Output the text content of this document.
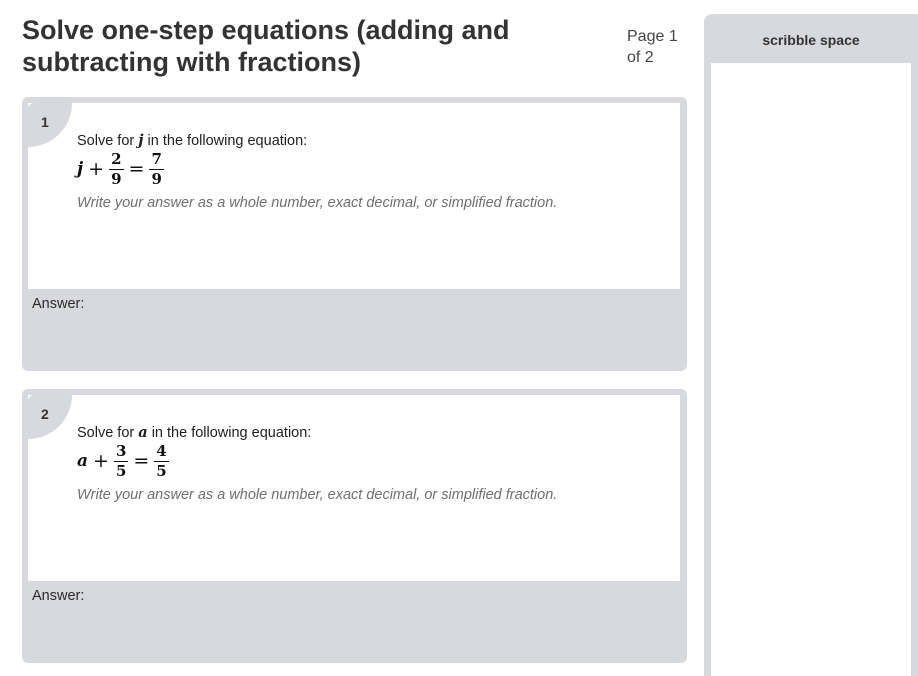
Solve one-step equations (adding and subtracting with fractions)
Page 1 of 2
1
Solve for j in the following equation:
$j + \frac{2}{9} = \frac{7}{9}$
Write your answer as a whole number, exact decimal, or simplified fraction.
Answer:
2
Solve for a in the following equation:
$a + \frac{3}{5} = \frac{4}{5}$
Write your answer as a whole number, exact decimal, or simplified fraction.
Answer:
scribble space
